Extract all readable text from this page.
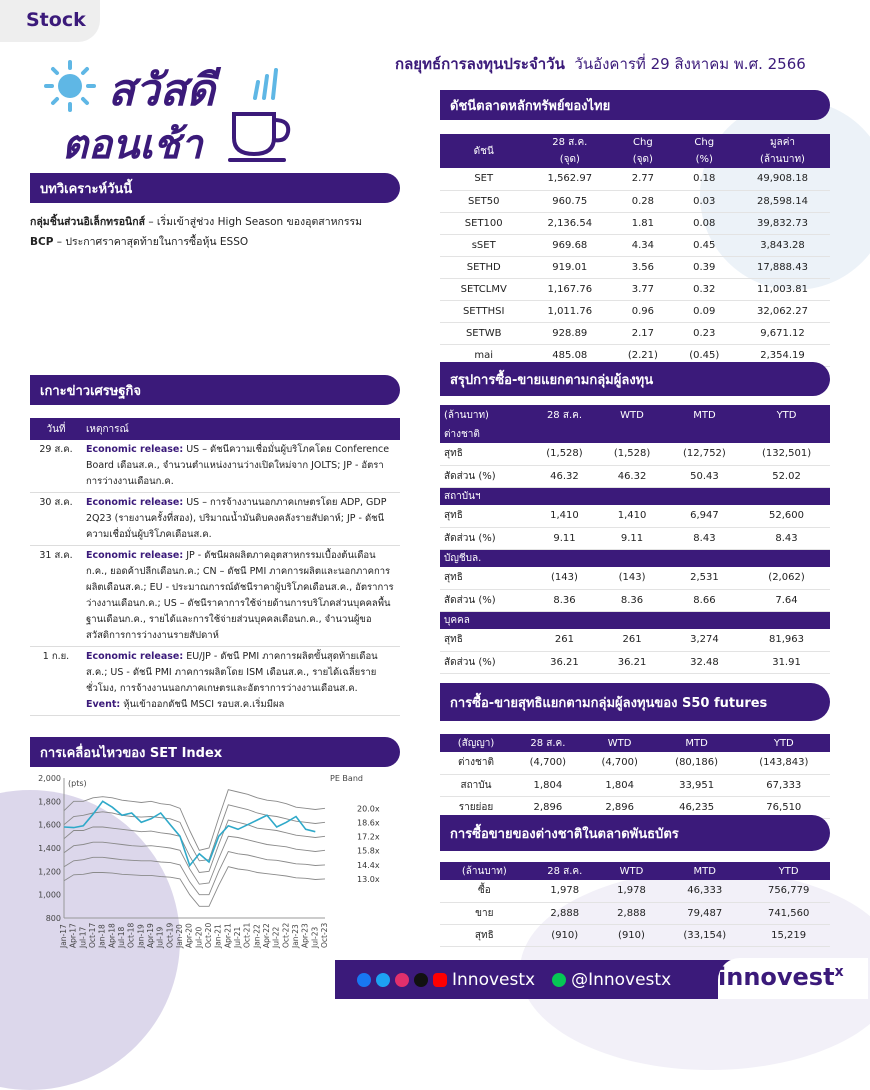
Stock
สวัสดี
ตอนเช้า
กลยุทธ์การลงทุนประจำวัน วันอังคารที่ 29 สิงหาคม พ.ศ. 2566
บทวิเคราะห์วันนี้
กลุ่มชิ้นส่วนอิเล็กทรอนิกส์ – เริ่มเข้าสู่ช่วง High Season ของอุตสาหกรรม
BCP – ประกาศราคาสุดท้ายในการซื้อหุ้น ESSO
เกาะข่าวเศรษฐกิจ
วันที่	เหตุการณ์
29 ส.ค.	Economic release: US – ดัชนีความเชื่อมั่นผู้บริโภคโดย Conference Board เดือนส.ค., จำนวนตำแหน่งงานว่างเปิดใหม่จาก JOLTS; JP - อัตราการว่างงานเดือนก.ค.
30 ส.ค.	Economic release: US – การจ้างงานนอกภาคเกษตรโดย ADP, GDP 2Q23 (รายงานครั้งที่สอง), ปริมาณน้ำมันดิบคงคลังรายสัปดาห์; JP - ดัชนีความเชื่อมั่นผู้บริโภคเดือนส.ค.
31 ส.ค.	Economic release: JP - ดัชนีผลผลิตภาคอุตสาหกรรมเบื้องต้นเดือนก.ค., ยอดค้าปลีกเดือนก.ค.; CN – ดัชนี PMI ภาคการผลิตและนอกภาคการผลิตเดือนส.ค.; EU - ประมาณการณ์ดัชนีราคาผู้บริโภคเดือนส.ค., อัตราการว่างงานเดือนก.ค.; US – ดัชนีราคาการใช้จ่ายด้านการบริโภคส่วนบุคคลพื้นฐานเดือนก.ค., รายได้และการใช้จ่ายส่วนบุคคลเดือนก.ค., จำนวนผู้ขอสวัสดิการการว่างงานรายสัปดาห์
1 ก.ย.	Economic release: EU/JP - ดัชนี PMI ภาคการผลิตขั้นสุดท้ายเดือนส.ค.; US - ดัชนี PMI ภาคการผลิตโดย ISM เดือนส.ค., รายได้เฉลี่ยรายชั่วโมง, การจ้างงานนอกภาคเกษตรและอัตราการว่างงานเดือนส.ค.
Event: หุ้นเข้าออกดัชนี MSCI รอบส.ค.เริ่มมีผล
การเคลื่อนไหวของ SET Index
2,000
1,800
1,600
1,400
1,200
1,000
800
Jan-17 Apr-17 Jul-17 Oct-17 Jan-18 Apr-18 Jul-18 Oct-18 Jan-19 Apr-19 Jul-19 Oct-19 Jan-20 Apr-20 Jul-20 Oct-20 Jan-21 Apr-21 Jul-21 Oct-21 Jan-22 Apr-22 Jul-22 Oct-22 Jan-23 Apr-23 Jul-23 Oct-23
(pts)
PE Band
20.0x
18.6x
17.2x
15.8x
14.4x
13.0x
ดัชนีตลาดหลักทรัพย์ของไทย
ดัชนี	28 ส.ค.	Chg	Chg	มูลค่า
	(จุด)	(จุด)	(%)	(ล้านบาท)
SET	1,562.97	2.77	0.18	49,908.18
SET50	960.75	0.28	0.03	28,598.14
SET100	2,136.54	1.81	0.08	39,832.73
sSET	969.68	4.34	0.45	3,843.28
SETHD	919.01	3.56	0.39	17,888.43
SETCLMV	1,167.76	3.77	0.32	11,003.81
SETTHSI	1,011.76	0.96	0.09	32,062.27
SETWB	928.89	2.17	0.23	9,671.12
mai	485.08	(2.21)	(0.45)	2,354.19
สรุปการซื้อ-ขายแยกตามกลุ่มผู้ลงทุน
(ล้านบาท)	28 ส.ค.	WTD	MTD	YTD
ต่างชาติ				
สุทธิ	(1,528)	(1,528)	(12,752)	(132,501)
สัดส่วน (%)	46.32	46.32	50.43	52.02
สถาบันฯ				
สุทธิ	1,410	1,410	6,947	52,600
สัดส่วน (%)	9.11	9.11	8.43	8.43
บัญชีบล.				
สุทธิ	(143)	(143)	2,531	(2,062)
สัดส่วน (%)	8.36	8.36	8.66	7.64
บุคคล				
สุทธิ	261	261	3,274	81,963
สัดส่วน (%)	36.21	36.21	32.48	31.91
การซื้อ-ขายสุทธิแยกตามกลุ่มผู้ลงทุนของ S50 futures
(สัญญา)	28 ส.ค.	WTD	MTD	YTD
ต่างชาติ	(4,700)	(4,700)	(80,186)	(143,843)
สถาบัน	1,804	1,804	33,951	67,333
รายย่อย	2,896	2,896	46,235	76,510
การซื้อขายของต่างชาติในตลาดพันธบัตร
(ล้านบาท)	28 ส.ค.	WTD	MTD	YTD
ซื้อ	1,978	1,978	46,333	756,779
ขาย	2,888	2,888	79,487	741,560
สุทธิ	(910)	(910)	(33,154)	15,219
Innovestx @Innovestx innovest$^x$
